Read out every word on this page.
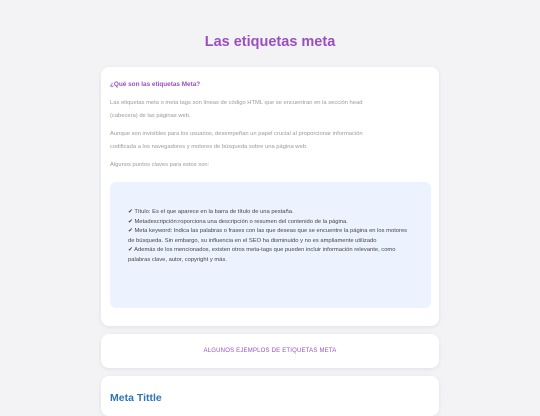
Las etiquetas meta

¿Qué son las etiquetas Meta?

Las etiquetas meta o meta tags son líneas de código HTML que se encuentran en la sección head
(cabecera) de las páginas web.

Aunque son invisibles para los usuarios, desempeñan un papel crucial al proporcionar información
codificada a los navegadores y motores de búsqueda sobre una página web.

Algunos puntos claves para estos son:

✔ Título: Es el que aparece en la barra de título de una pestaña.

✔ Metadescripción:roporciona una descripción o resumen del contenido de la página.

✔ Meta keyword: Indica las palabras o frases con las que deseas que se encuentre la página en los motores de búsqueda. Sin embargo, su influencia en el SEO ha disminuido y no es ampliamente utilizado

✔ Además de los mencionados, existen otros meta-tags que pueden incluir información relevante, como palabras clave, autor, copyright y más.

ALGUNOS EJEMPLOS DE ETIQUETAS META
Meta Tittle
